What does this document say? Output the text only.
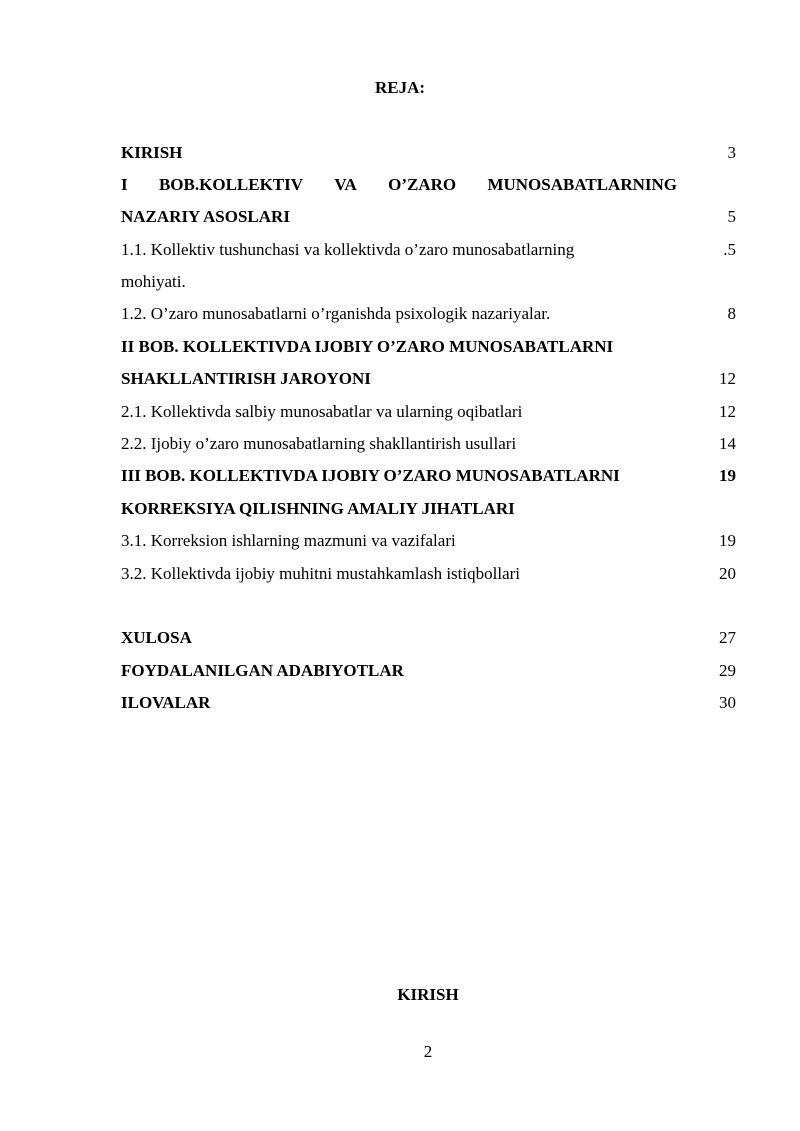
REJA:
KIRISH	3
I BOB.KOLLEKTIV VA O’ZARO MUNOSABATLARNING
NAZARIY ASOSLARI	5
1.1. Kollektiv tushunchasi va kollektivda o’zaro munosabatlarning	.5
mohiyati.
1.2. O’zaro munosabatlarni o’rganishda psixologik nazariyalar.	8
II BOB. KOLLEKTIVDA IJOBIY O’ZARO MUNOSABATLARNI
SHAKLLANTIRISH JAROYONI	12
2.1. Kollektivda salbiy munosabatlar va ularning oqibatlari	12
2.2. Ijobiy o’zaro munosabatlarning shakllantirish usullari	14
III BOB. KOLLEKTIVDA IJOBIY O’ZARO MUNOSABATLARNI	19
KORREKSIYA QILISHNING AMALIY JIHATLARI
3.1. Korreksion ishlarning mazmuni va vazifalari	19
3.2. Kollektivda ijobiy muhitni mustahkamlash istiqbollari	20
XULOSA	27
FOYDALANILGAN ADABIYOTLAR	29
ILOVALAR	30
KIRISH
2
